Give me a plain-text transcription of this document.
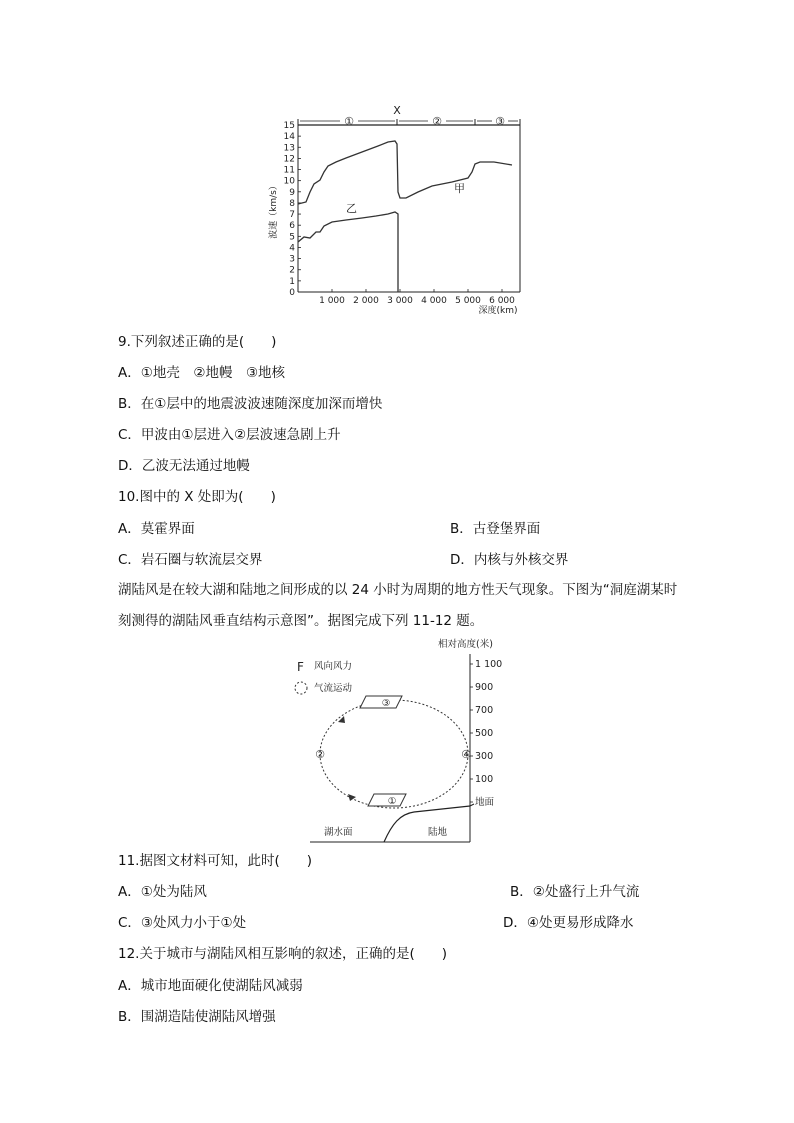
①	②	③
X
0
1
2
3
4
5
6
7
8
9
10
11
12
13
14
15
1 000 2 000 3 000 4 000 5 000 6 000
波速（km/s）
深度(km)
甲
乙
9.下列叙述正确的是(　　)
A．①地壳　②地幔　③地核
B．在①层中的地震波波速随深度加深而增快
C．甲波由①层进入②层波速急剧上升
D．乙波无法通过地幔
10.图中的 X 处即为(　　)
A．莫霍界面	B．古登堡界面
C．岩石圈与软流层交界	D．内核与外核交界
湖陆风是在较大湖和陆地之间形成的以 24 小时为周期的地方性天气现象。下图为“洞庭湖某时刻测得的湖陆风垂直结构示意图”。据图完成下列 11-12 题。
F 风向风力
气流运动
相对高度(米)
1 100
900
700
500
300
100
地面
③
①
②	④
湖水面	陆地
11.据图文材料可知，此时(　　)
A．①处为陆风	B．②处盛行上升气流
C．③处风力小于①处	D．④处更易形成降水
12.关于城市与湖陆风相互影响的叙述，正确的是(　　)
A．城市地面硬化使湖陆风减弱
B．围湖造陆使湖陆风增强
